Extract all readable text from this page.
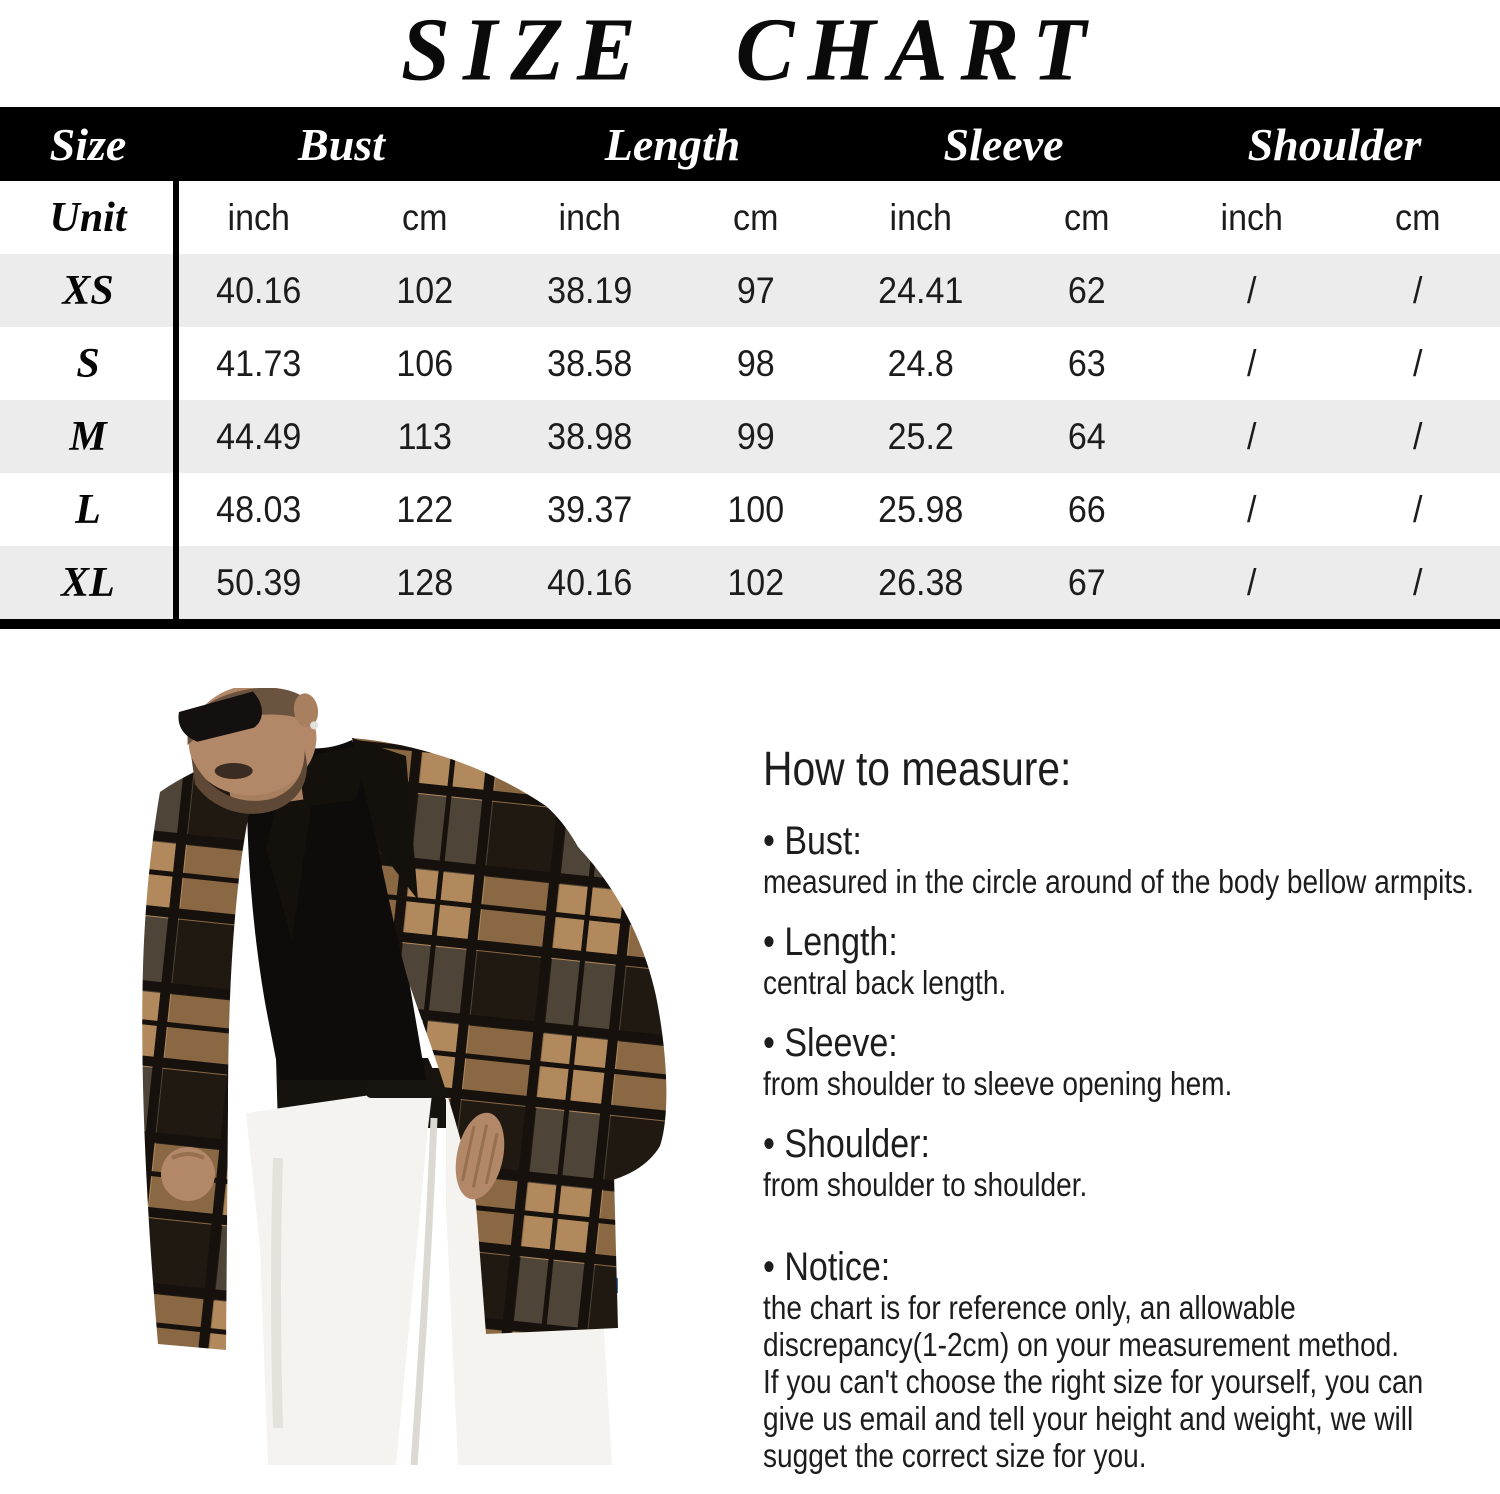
SIZE CHART
Size	Bust	Length	Sleeve	Shoulder
Unit	inch	cm	inch	cm	inch	cm	inch	cm
XS	40.16	102	38.19	97	24.41	62	/	/
S	41.73	106	38.58	98	24.8	63	/	/
M	44.49	113	38.98	99	25.2	64	/	/
L	48.03	122	39.37	100	25.98	66	/	/
XL	50.39	128	40.16	102	26.38	67	/	/
How to measure:
• Bust:
measured in the circle around of the body bellow armpits.
• Length:
central back length.
• Sleeve:
from shoulder to sleeve opening hem.
• Shoulder:
from shoulder to shoulder.
• Notice:
the chart is for reference only, an allowable
discrepancy(1-2cm) on your measurement method.
If you can't choose the right size for yourself, you can
give us email and tell your height and weight, we will
sugget the correct size for you.
